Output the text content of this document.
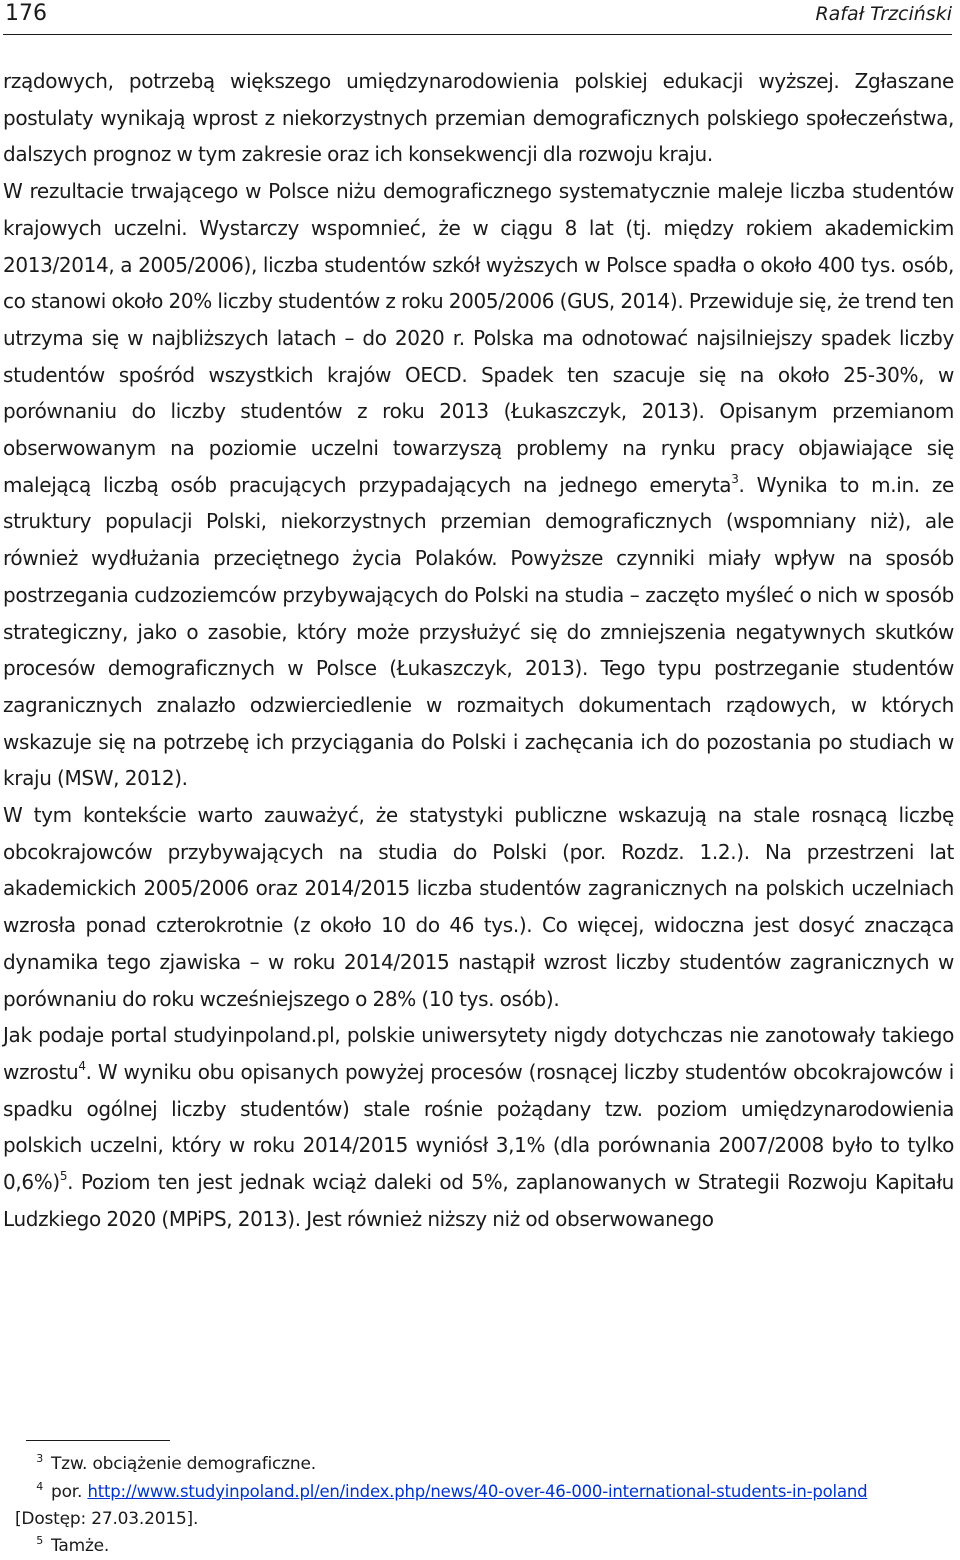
176	Rafał Trzciński

rządowych, potrzebą większego umiędzynarodowienia polskiej edukacji wyższej. Zgłaszane postulaty wynikają wprost z niekorzystnych przemian demograficznych polskiego społeczeństwa, dalszych prognoz w tym zakresie oraz ich konsekwencji dla rozwoju kraju.

W rezultacie trwającego w Polsce niżu demograficznego systematycznie maleje liczba studentów krajowych uczelni. Wystarczy wspomnieć, że w ciągu 8 lat (tj. między rokiem akademickim 2013/2014, a 2005/2006), liczba studentów szkół wyższych w Polsce spadła o około 400 tys. osób, co stanowi około 20% liczby studentów z roku 2005/2006 (GUS, 2014). Przewiduje się, że trend ten utrzyma się w najbliższych latach – do 2020 r. Polska ma odnotować najsilniejszy spadek liczby studentów spośród wszystkich krajów OECD. Spadek ten szacuje się na około 25-30%, w porównaniu do liczby studentów z roku 2013 (Łukaszczyk, 2013). Opisanym przemianom obserwowanym na poziomie uczelni towarzyszą problemy na rynku pracy objawiające się malejącą liczbą osób pracujących przypadających na jednego emeryta$^3$. Wynika to m.in. ze struktury populacji Polski, niekorzystnych przemian demograficznych (wspomniany niż), ale również wydłużania przeciętnego życia Polaków. Powyższe czynniki miały wpływ na sposób postrzegania cudzoziemców przybywających do Polski na studia – zaczęto myśleć o nich w sposób strategiczny, jako o zasobie, który może przysłużyć się do zmniejszenia negatywnych skutków procesów demograficznych w Polsce (Łukaszczyk, 2013). Tego typu postrzeganie studentów zagranicznych znalazło odzwierciedlenie w rozmaitych dokumentach rządowych, w których wskazuje się na potrzebę ich przyciągania do Polski i zachęcania ich do pozostania po studiach w kraju (MSW, 2012).

W tym kontekście warto zauważyć, że statystyki publiczne wskazują na stale rosnącą liczbę obcokrajowców przybywających na studia do Polski (por. Rozdz. 1.2.). Na przestrzeni lat akademickich 2005/2006 oraz 2014/2015 liczba studentów zagranicznych na polskich uczelniach wzrosła ponad czterokrotnie (z około 10 do 46 tys.). Co więcej, widoczna jest dosyć znacząca dynamika tego zjawiska – w roku 2014/2015 nastąpił wzrost liczby studentów zagranicznych w porównaniu do roku wcześniejszego o 28% (10 tys. osób).

Jak podaje portal studyinpoland.pl, polskie uniwersytety nigdy dotychczas nie zanotowały takiego wzrostu$^4$. W wyniku obu opisanych powyżej procesów (rosnącej liczby studentów obcokrajowców i spadku ogólnej liczby studentów) stale rośnie pożądany tzw. poziom umiędzynarodowienia polskich uczelni, który w roku 2014/2015 wyniósł 3,1% (dla porównania 2007/2008 było to tylko 0,6%)$^5$. Poziom ten jest jednak wciąż daleki od 5%, zaplanowanych w Strategii Rozwoju Kapitału Ludzkiego 2020 (MPiPS, 2013). Jest również niższy niż od obserwowanego

3 Tzw. obciążenie demograficzne.
4 por. http://www.studyinpoland.pl/en/index.php/news/40-over-46-000-international-students-in-poland
[Dostęp: 27.03.2015].
5 Tamże.
